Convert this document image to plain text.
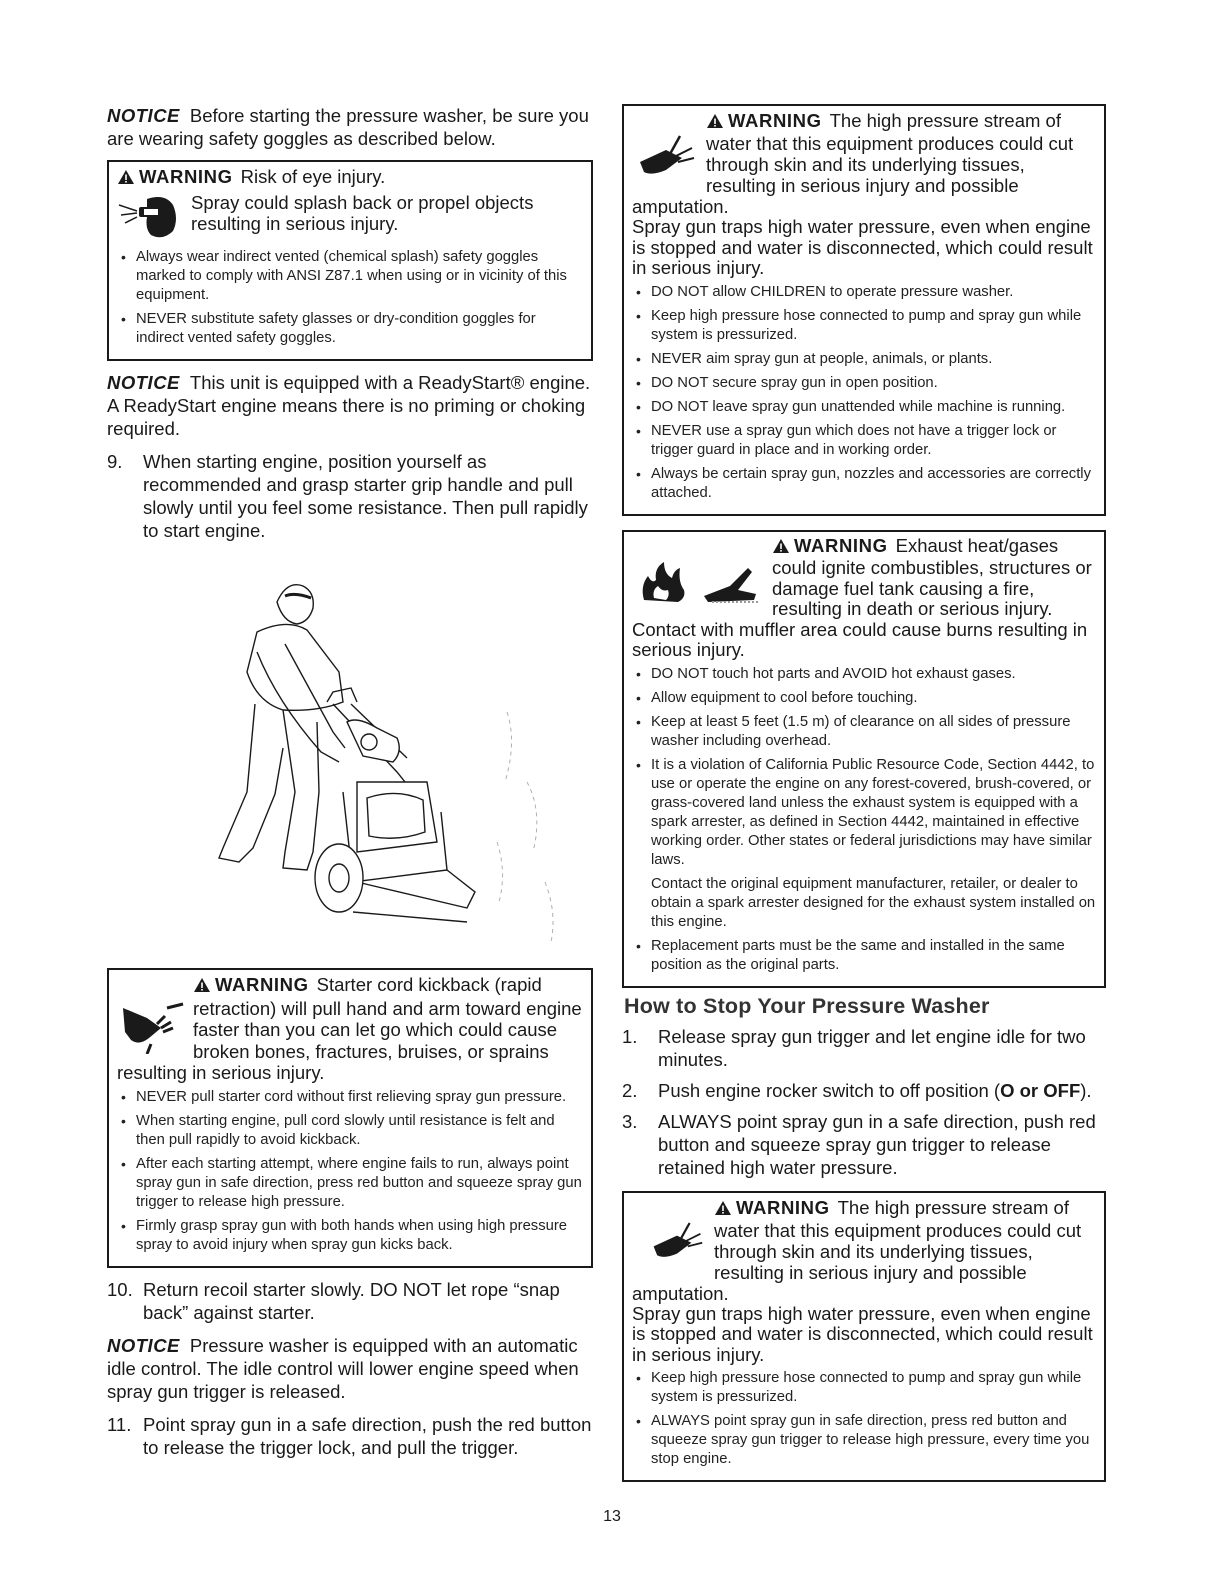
NOTICE Before starting the pressure washer, be sure you are wearing safety goggles as described below.

WARNING Risk of eye injury.
Spray could splash back or propel objects resulting in serious injury.
• Always wear indirect vented (chemical splash) safety goggles marked to comply with ANSI Z87.1 when using or in vicinity of this equipment.
• NEVER substitute safety glasses or dry-condition goggles for indirect vented safety goggles.

NOTICE This unit is equipped with a ReadyStart® engine. A ReadyStart engine means there is no priming or choking required.

9. When starting engine, position yourself as recommended and grasp starter grip handle and pull slowly until you feel some resistance. Then pull rapidly to start engine.
WARNING Starter cord kickback (rapid retraction) will pull hand and arm toward engine faster than you can let go which could cause broken bones, fractures, bruises, or sprains resulting in serious injury.
• NEVER pull starter cord without first relieving spray gun pressure.
• When starting engine, pull cord slowly until resistance is felt and then pull rapidly to avoid kickback.
• After each starting attempt, where engine fails to run, always point spray gun in safe direction, press red button and squeeze spray gun trigger to release high pressure.
• Firmly grasp spray gun with both hands when using high pressure spray to avoid injury when spray gun kicks back.
10. Return recoil starter slowly. DO NOT let rope “snap back” against starter.

NOTICE Pressure washer is equipped with an automatic idle control. The idle control will lower engine speed when spray gun trigger is released.

11. Point spray gun in a safe direction, push the red button to release the trigger lock, and pull the trigger.
WARNING The high pressure stream of water that this equipment produces could cut through skin and its underlying tissues, resulting in serious injury and possible amputation.
Spray gun traps high water pressure, even when engine is stopped and water is disconnected, which could result in serious injury.
• DO NOT allow CHILDREN to operate pressure washer.
• Keep high pressure hose connected to pump and spray gun while system is pressurized.
• NEVER aim spray gun at people, animals, or plants.
• DO NOT secure spray gun in open position.
• DO NOT leave spray gun unattended while machine is running.
• NEVER use a spray gun which does not have a trigger lock or trigger guard in place and in working order.
• Always be certain spray gun, nozzles and accessories are correctly attached.
WARNING Exhaust heat/gases could ignite combustibles, structures or damage fuel tank causing a fire, resulting in death or serious injury.
Contact with muffler area could cause burns resulting in serious injury.
• DO NOT touch hot parts and AVOID hot exhaust gases.
• Allow equipment to cool before touching.
• Keep at least 5 feet (1.5 m) of clearance on all sides of pressure washer including overhead.
• It is a violation of California Public Resource Code, Section 4442, to use or operate the engine on any forest-covered, brush-covered, or grass-covered land unless the exhaust system is equipped with a spark arrester, as defined in Section 4442, maintained in effective working order. Other states or federal jurisdictions may have similar laws.
Contact the original equipment manufacturer, retailer, or dealer to obtain a spark arrester designed for the exhaust system installed on this engine.
• Replacement parts must be the same and installed in the same position as the original parts.
How to Stop Your Pressure Washer
1. Release spray gun trigger and let engine idle for two minutes.
2. Push engine rocker switch to off position (O or OFF).
3. ALWAYS point spray gun in a safe direction, push red button and squeeze spray gun trigger to release retained high water pressure.
WARNING The high pressure stream of water that this equipment produces could cut through skin and its underlying tissues, resulting in serious injury and possible amputation.
Spray gun traps high water pressure, even when engine is stopped and water is disconnected, which could result in serious injury.
• Keep high pressure hose connected to pump and spray gun while system is pressurized.
• ALWAYS point spray gun in safe direction, press red button and squeeze spray gun trigger to release high pressure, every time you stop engine.
13
